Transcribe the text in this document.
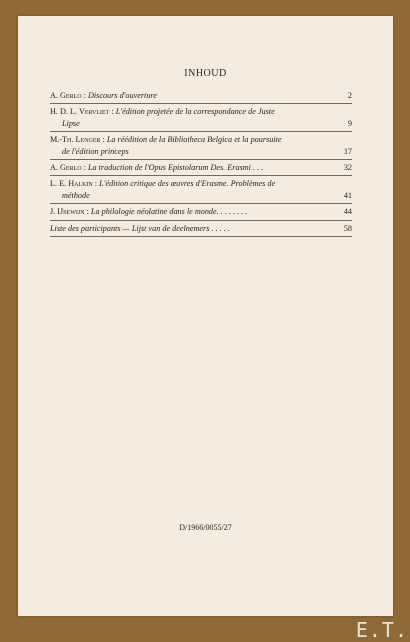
INHOUD
A. Gerlo : Discours d'ouverture	2
H. D. L. Vervliet : L'édition projetée de la correspondance de Juste
Lipse	9
M.-Th. Lenger : La réédition de la Bibliotheca Belgica et la poursuite
de l'édition princeps	17
A. Gerlo : La traduction de l'Opus Epistolarum Des. Erasmi . . .	32
L. E. Halkin : L'édition critique des œuvres d'Erasme. Problèmes de
méthode	41
J. IJsewijn : La philologie néolatine dans le monde. . . . . . . .	44
Liste des participants — Lijst van de deelnemers . . . . .	58
D/1966/0055/27
E.T.
